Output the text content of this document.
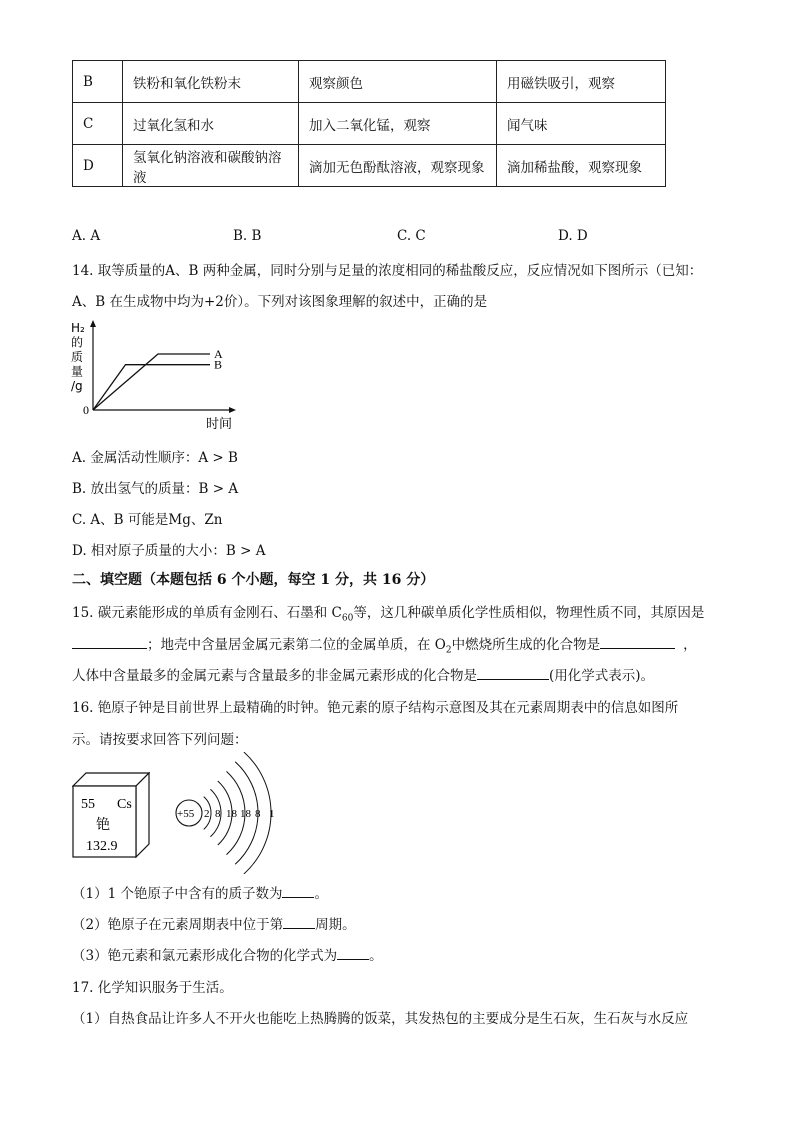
B	铁粉和氧化铁粉末	观察颜色	用磁铁吸引，观察
C	过氧化氢和水	加入二氧化锰，观察	闻气味
D	氢氧化钠溶液和碳酸钠溶液	滴加无色酚酞溶液，观察现象	滴加稀盐酸，观察现象
A. A	B. B	C. C	D. D
14. 取等质量的A、B 两种金属，同时分别与足量的浓度相同的稀盐酸反应，反应情况如下图所示（已知：
A、B 在生成物中均为+2价）。下列对该图象理解的叙述中，正确的是
H₂
的
质
量
/g
0
时间
A
B
A. 金属活动性顺序：A > B
B. 放出氢气的质量：B > A
C. A、B 可能是Mg、Zn
D. 相对原子质量的大小：B > A
二、填空题（本题包括 6 个小题，每空 1 分，共 16 分）
15. 碳元素能形成的单质有金刚石、石墨和 $C_{60}$等，这几种碳单质化学性质相似，物理性质不同，其原因是
；地壳中含量居金属元素第二位的金属单质，在 $O_2$中燃烧所生成的化合物是	，
人体中含量最多的金属元素与含量最多的非金属元素形成的化合物是	(用化学式表示)。
16. 铯原子钟是目前世界上最精确的时钟。铯元素的原子结构示意图及其在元素周期表中的信息如图所
示。请按要求回答下列问题：
55 Cs
铯
132.9
+55 2 8 18 18 8 1
（1）1 个铯原子中含有的质子数为 。
（2）铯原子在元素周期表中位于第 周期。
（3）铯元素和氯元素形成化合物的化学式为 。
17. 化学知识服务于生活。
（1）自热食品让许多人不开火也能吃上热腾腾的饭菜，其发热包的主要成分是生石灰，生石灰与水反应
